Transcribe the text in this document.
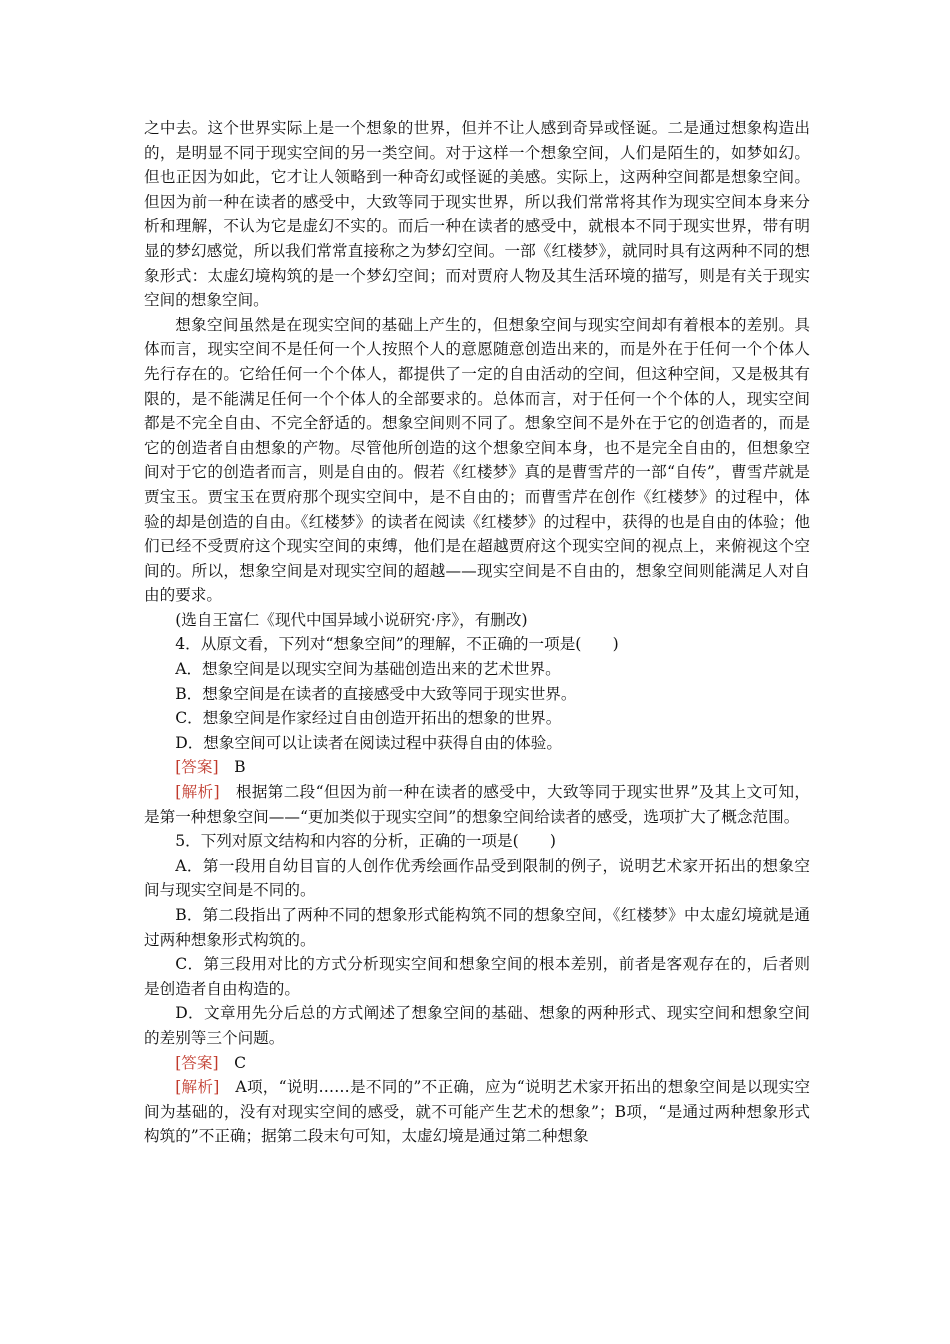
之中去。这个世界实际上是一个想象的世界，但并不让人感到奇异或怪诞。二是通过想象构造出的，是明显不同于现实空间的另一类空间。对于这样一个想象空间，人们是陌生的，如梦如幻。但也正因为如此，它才让人领略到一种奇幻或怪诞的美感。实际上，这两种空间都是想象空间。但因为前一种在读者的感受中，大致等同于现实世界，所以我们常常将其作为现实空间本身来分析和理解，不认为它是虚幻不实的。而后一种在读者的感受中，就根本不同于现实世界，带有明显的梦幻感觉，所以我们常常直接称之为梦幻空间。一部《红楼梦》，就同时具有这两种不同的想象形式：太虚幻境构筑的是一个梦幻空间；而对贾府人物及其生活环境的描写，则是有关于现实空间的想象空间。

想象空间虽然是在现实空间的基础上产生的，但想象空间与现实空间却有着根本的差别。具体而言，现实空间不是任何一个人按照个人的意愿随意创造出来的，而是外在于任何一个个体人先行存在的。它给任何一个个体人，都提供了一定的自由活动的空间，但这种空间，又是极其有限的，是不能满足任何一个个体人的全部要求的。总体而言，对于任何一个个体的人，现实空间都是不完全自由、不完全舒适的。想象空间则不同了。想象空间不是外在于它的创造者的，而是它的创造者自由想象的产物。尽管他所创造的这个想象空间本身，也不是完全自由的，但想象空间对于它的创造者而言，则是自由的。假若《红楼梦》真的是曹雪芹的一部“自传”，曹雪芹就是贾宝玉。贾宝玉在贾府那个现实空间中，是不自由的；而曹雪芹在创作《红楼梦》的过程中，体验的却是创造的自由。《红楼梦》的读者在阅读《红楼梦》的过程中，获得的也是自由的体验；他们已经不受贾府这个现实空间的束缚，他们是在超越贾府这个现实空间的视点上，来俯视这个空间的。所以，想象空间是对现实空间的超越——现实空间是不自由的，想象空间则能满足人对自由的要求。

(选自王富仁《现代中国异域小说研究·序》，有删改)

4．从原文看，下列对“想象空间”的理解，不正确的一项是(　　)

A．想象空间是以现实空间为基础创造出来的艺术世界。

B．想象空间是在读者的直接感受中大致等同于现实世界。

C．想象空间是作家经过自由创造开拓出的想象的世界。

D．想象空间可以让读者在阅读过程中获得自由的体验。

[答案]　 B

[解析]　 根据第二段“但因为前一种在读者的感受中，大致等同于现实世界”及其上文可知，是第一种想象空间——“更加类似于现实空间”的想象空间给读者的感受，选项扩大了概念范围。

5．下列对原文结构和内容的分析，正确的一项是(　　)

A．第一段用自幼目盲的人创作优秀绘画作品受到限制的例子，说明艺术家开拓出的想象空间与现实空间是不同的。

B．第二段指出了两种不同的想象形式能构筑不同的想象空间，《红楼梦》中太虚幻境就是通过两种想象形式构筑的。

C．第三段用对比的方式分析现实空间和想象空间的根本差别，前者是客观存在的，后者则是创造者自由构造的。

D．文章用先分后总的方式阐述了想象空间的基础、想象的两种形式、现实空间和想象空间的差别等三个问题。

[答案]　 C

[解析]　 A项，“说明……是不同的”不正确，应为“说明艺术家开拓出的想象空间是以现实空间为基础的，没有对现实空间的感受，就不可能产生艺术的想象”；B项，“是通过两种想象形式构筑的”不正确；据第二段末句可知，太虚幻境是通过第二种想象
